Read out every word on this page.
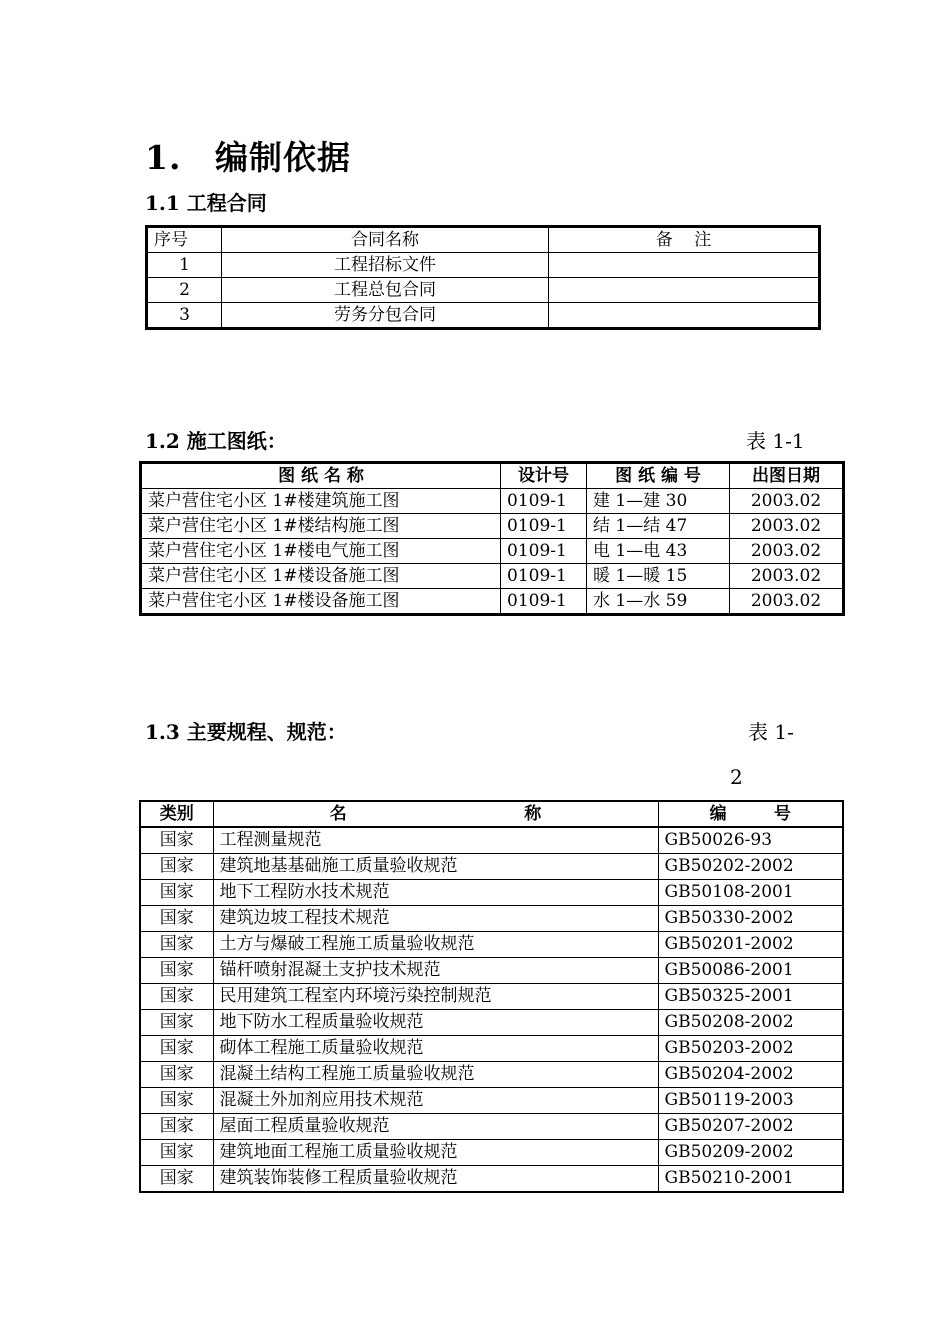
1. 编制依据
1.1 工程合同
序号	合同名称	备    注
1	工程招标文件	
2	工程总包合同	
3	劳务分包合同	
1.2 施工图纸：	表 1-1
图 纸 名 称	设计号	图 纸 编 号	出图日期
菜户营住宅小区 1#楼建筑施工图	0109-1	建 1—建 30	2003.02
菜户营住宅小区 1#楼结构施工图	0109-1	结 1—结 47	2003.02
菜户营住宅小区 1#楼电气施工图	0109-1	电 1—电 43	2003.02
菜户营住宅小区 1#楼设备施工图	0109-1	暖 1—暖 15	2003.02
菜户营住宅小区 1#楼设备施工图	0109-1	水 1—水 59	2003.02
1.3 主要规程、规范：	表 1-
2
类别	名                              称	编        号
国家	工程测量规范	GB50026-93
国家	建筑地基基础施工质量验收规范	GB50202-2002
国家	地下工程防水技术规范	GB50108-2001
国家	建筑边坡工程技术规范	GB50330-2002
国家	土方与爆破工程施工质量验收规范	GB50201-2002
国家	锚杆喷射混凝土支护技术规范	GB50086-2001
国家	民用建筑工程室内环境污染控制规范	GB50325-2001
国家	地下防水工程质量验收规范	GB50208-2002
国家	砌体工程施工质量验收规范	GB50203-2002
国家	混凝土结构工程施工质量验收规范	GB50204-2002
国家	混凝土外加剂应用技术规范	GB50119-2003
国家	屋面工程质量验收规范	GB50207-2002
国家	建筑地面工程施工质量验收规范	GB50209-2002
国家	建筑装饰装修工程质量验收规范	GB50210-2001
